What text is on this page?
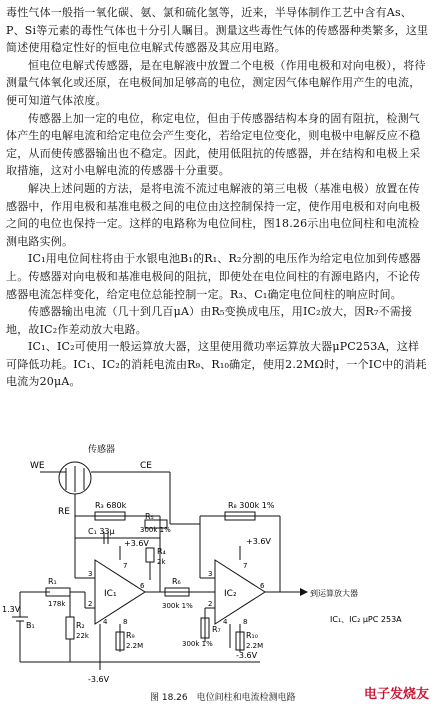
毒性气体一般指一氧化碳、氨、氯和硫化氢等，近来，半导体制作工艺中含有As、P、Si等元素的毒性气体也十分引人瞩目。测量这些毒性气体的传感器种类繁多，这里简述使用稳定性好的恒电位电解式传感器及其应用电路。

恒电位电解式传感器，是在电解液中放置二个电极（作用电极和对向电极），将待测量气体氧化或还原，在电极间加足够高的电位，测定因气体电解作用产生的电流，便可知道气体浓度。

传感器上加一定的电位，称定电位，但由于传感器结构本身的固有阻抗，检测气体产生的电解电流和给定电位会产生变化，若给定电位变化，则电极中电解反应不稳定，从而使传感器输出也不稳定。因此，使用低阻抗的传感器，并在结构和电极上采取措施，这对小电解电流的传感器十分重要。

解决上述问题的方法，是将电流不流过电解液的第三电极（基准电极）放置在传感器中，作用电极和基准电极之间的电位由这控制保持一定，使作用电极和对向电极之间的电位也保持一定。这样的电路称为电位间柱，图18.26示出电位间柱和电流检测电路实例。

IC₁用电位间柱将由于水银电池B₁的R₁、R₂分割的电压作为给定电位加到传感器上。传感器对向电极和基准电极间的阻抗，即使处在电位间柱的有源电路内，不论传感器电流怎样变化，给定电位总能控制一定。R₃、C₁确定电位间柱的响应时间。

传感器输出电流（几十到几百μA）由R₅变换成电压，用IC₂放大，因R₇不需接地，故IC₂作差动放大电路。

IC₁、IC₂可使用一般运算放大器，这里使用微功率运算放大器μPC253A，这样可降低功耗。IC₁、IC₂的消耗电流由R₉、R₁₀确定，使用2.2MΩ时，一个IC中的消耗电流为20μA。

传感器
WE	CE
RE
R₃ 680k
C₁ 33μ
R₅
300k 1%
R₈ 300k 1%
+3.6V	+3.6V
R₄
2k
IC₁	IC₂
R₆
300k 1%
R₇
300k 1%
R₉
2.2M
R₁₀
2.2M
R₁
178k
R₂
22k
1.3V
B₁
-3.6V
-3.6V
到运算放大器
IC₁、IC₂ μPC 253A
3
2
6
7
4 8
3
2
6
7
4 8
图 18.26　电位间柱和电流检测电路	电子发烧友
